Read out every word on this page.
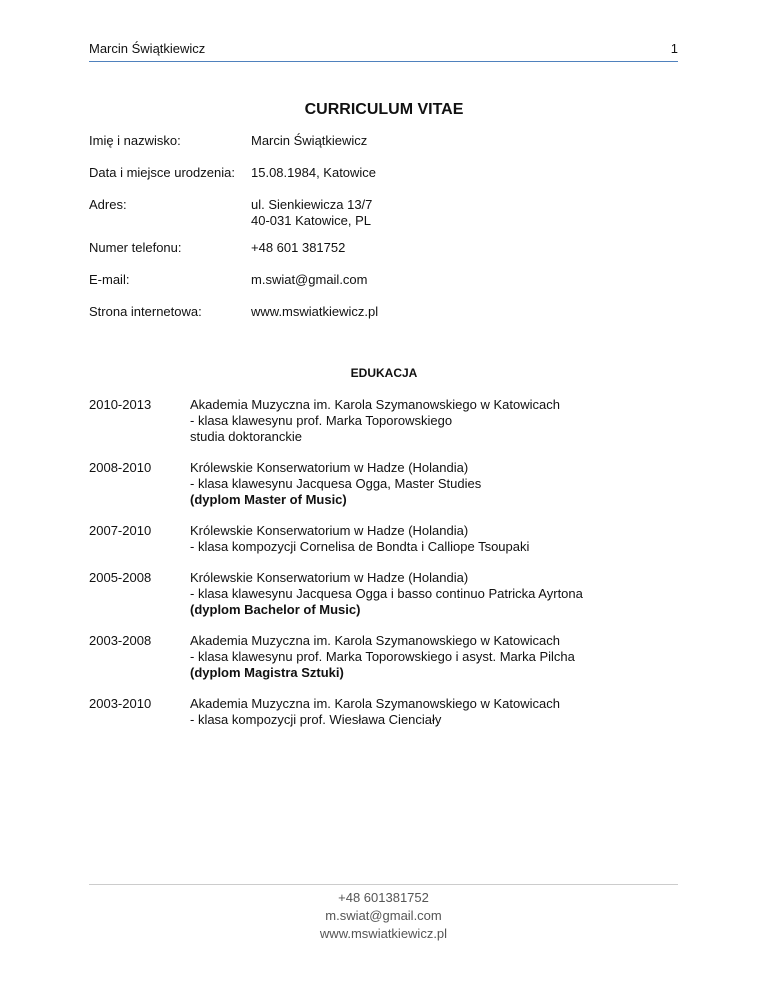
Marcin Świątkiewicz	1
CURRICULUM VITAE
Imię i nazwisko:	Marcin Świątkiewicz
Data i miejsce urodzenia: 15.08.1984, Katowice
Adres:	ul. Sienkiewicza 13/7
40-031 Katowice, PL
Numer telefonu:	+48 601 381752
E-mail:	m.swiat@gmail.com
Strona internetowa:	www.mswiatkiewicz.pl
EDUKACJA
2010-2013	Akademia Muzyczna im. Karola Szymanowskiego w Katowicach
- klasa klawesynu prof. Marka Toporowskiego
studia doktoranckie
2008-2010	Królewskie Konserwatorium w Hadze (Holandia)
- klasa klawesynu Jacquesa Ogga, Master Studies
(dyplom Master of Music)
2007-2010	Królewskie Konserwatorium w Hadze (Holandia)
- klasa kompozycji Cornelisa de Bondta i Calliope Tsoupaki
2005-2008	Królewskie Konserwatorium w Hadze (Holandia)
- klasa klawesynu Jacquesa Ogga i basso continuo Patricka Ayrtona
(dyplom Bachelor of Music)
2003-2008	Akademia Muzyczna im. Karola Szymanowskiego w Katowicach
- klasa klawesynu prof. Marka Toporowskiego i asyst. Marka Pilcha
(dyplom Magistra Sztuki)
2003-2010	Akademia Muzyczna im. Karola Szymanowskiego w Katowicach
- klasa kompozycji prof. Wiesława Cienciały
+48 601381752
m.swiat@gmail.com
www.mswiatkiewicz.pl
